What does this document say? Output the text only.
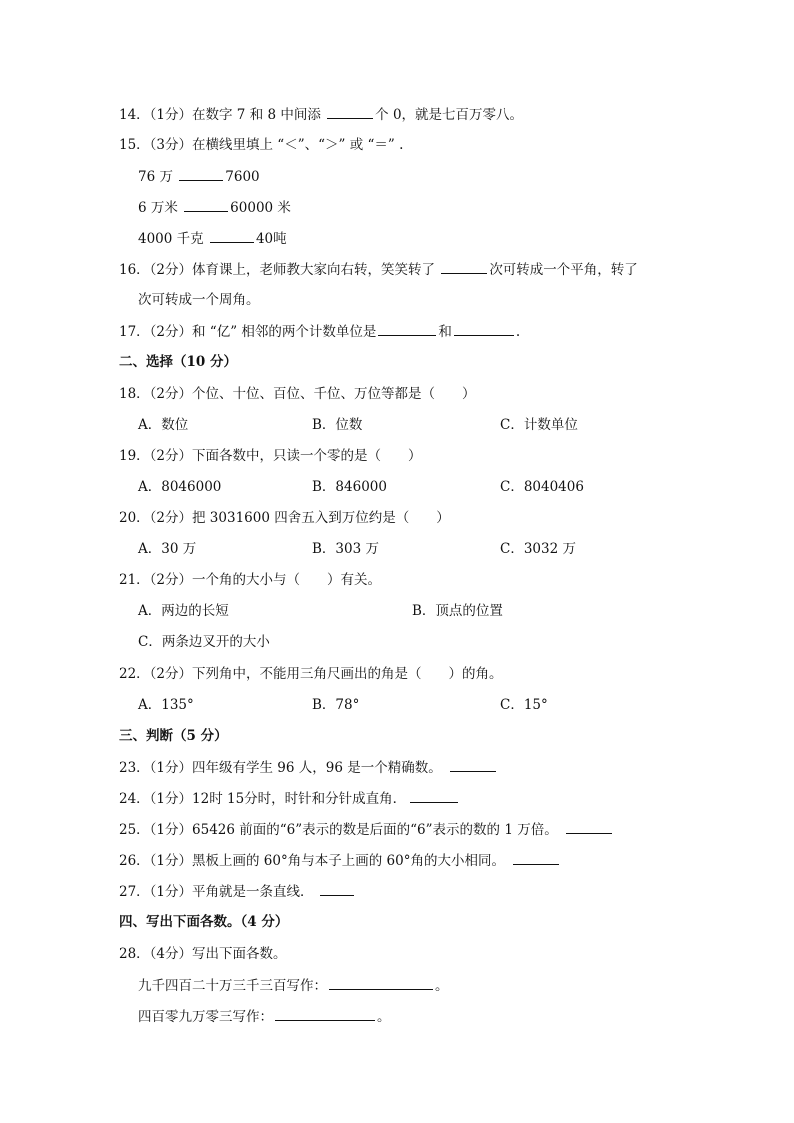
14．（1分）在数字 7 和 8 中间添	个 0，就是七百万零八。
15．（3分）在横线里填上 “＜”、“＞” 或 “＝” .
76 万	7600
6 万米	60000 米
4000 千克	40吨
16．（2分）体育课上，老师教大家向右转，笑笑转了	次可转成一个平角，转了
次可转成一个周角。
17．（2分）和 “亿” 相邻的两个计数单位是	和	.
二、选择（10 分）
18．（2分）个位、十位、百位、千位、万位等都是（　　）
A．数位	B．位数	C．计数单位
19．（2分）下面各数中，只读一个零的是（　　）
A．8046000	B．846000	C．8040406
20．（2分）把 3031600 四舍五入到万位约是（　　）
A．30 万	B．303 万	C．3032 万
21．（2分）一个角的大小与（　　）有关。
A．两边的长短	B．顶点的位置
C．两条边叉开的大小
22．（2分）下列角中，不能用三角尺画出的角是（　　）的角。
A．135°	B．78°	C．15°
三、判断（5 分）
23．（1分）四年级有学生 96 人，96 是一个精确数。
24．（1分）12时 15分时，时针和分针成直角．
25．（1分）65426 前面的“6”表示的数是后面的“6”表示的数的 1 万倍。
26．（1分）黑板上画的 60°角与本子上画的 60°角的大小相同。
27．（1分）平角就是一条直线．
四、写出下面各数。（4 分）
28．（4分）写出下面各数。
九千四百二十万三千三百写作：	。
四百零九万零三写作：	。
